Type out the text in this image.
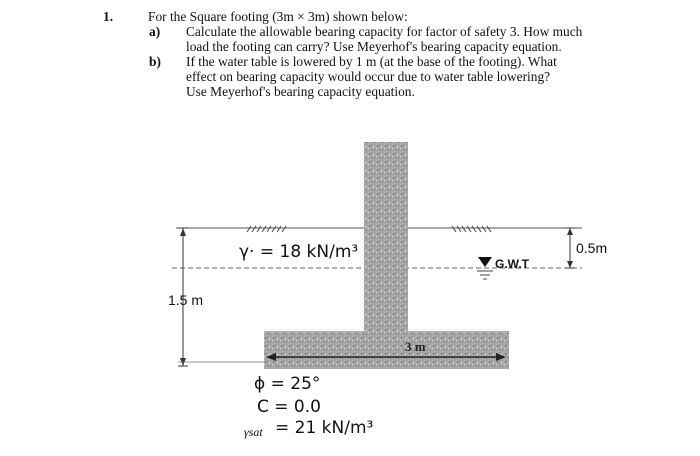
1.	For the Square footing (3m × 3m) shown below:
a) Calculate the allowable bearing capacity for factor of safety 3. How much
load the footing can carry? Use Meyerhof's bearing capacity equation.
b) If the water table is lowered by 1 m (at the base of the footing). What
effect on bearing capacity would occur due to water table lowering?
Use Meyerhof's bearing capacity equation.
γ· = 18 kN/m³
1.5 m
0.5m
G.W.T
3 m
ϕ = 25°
C = 0.0
γsat = 21 kN/m³
